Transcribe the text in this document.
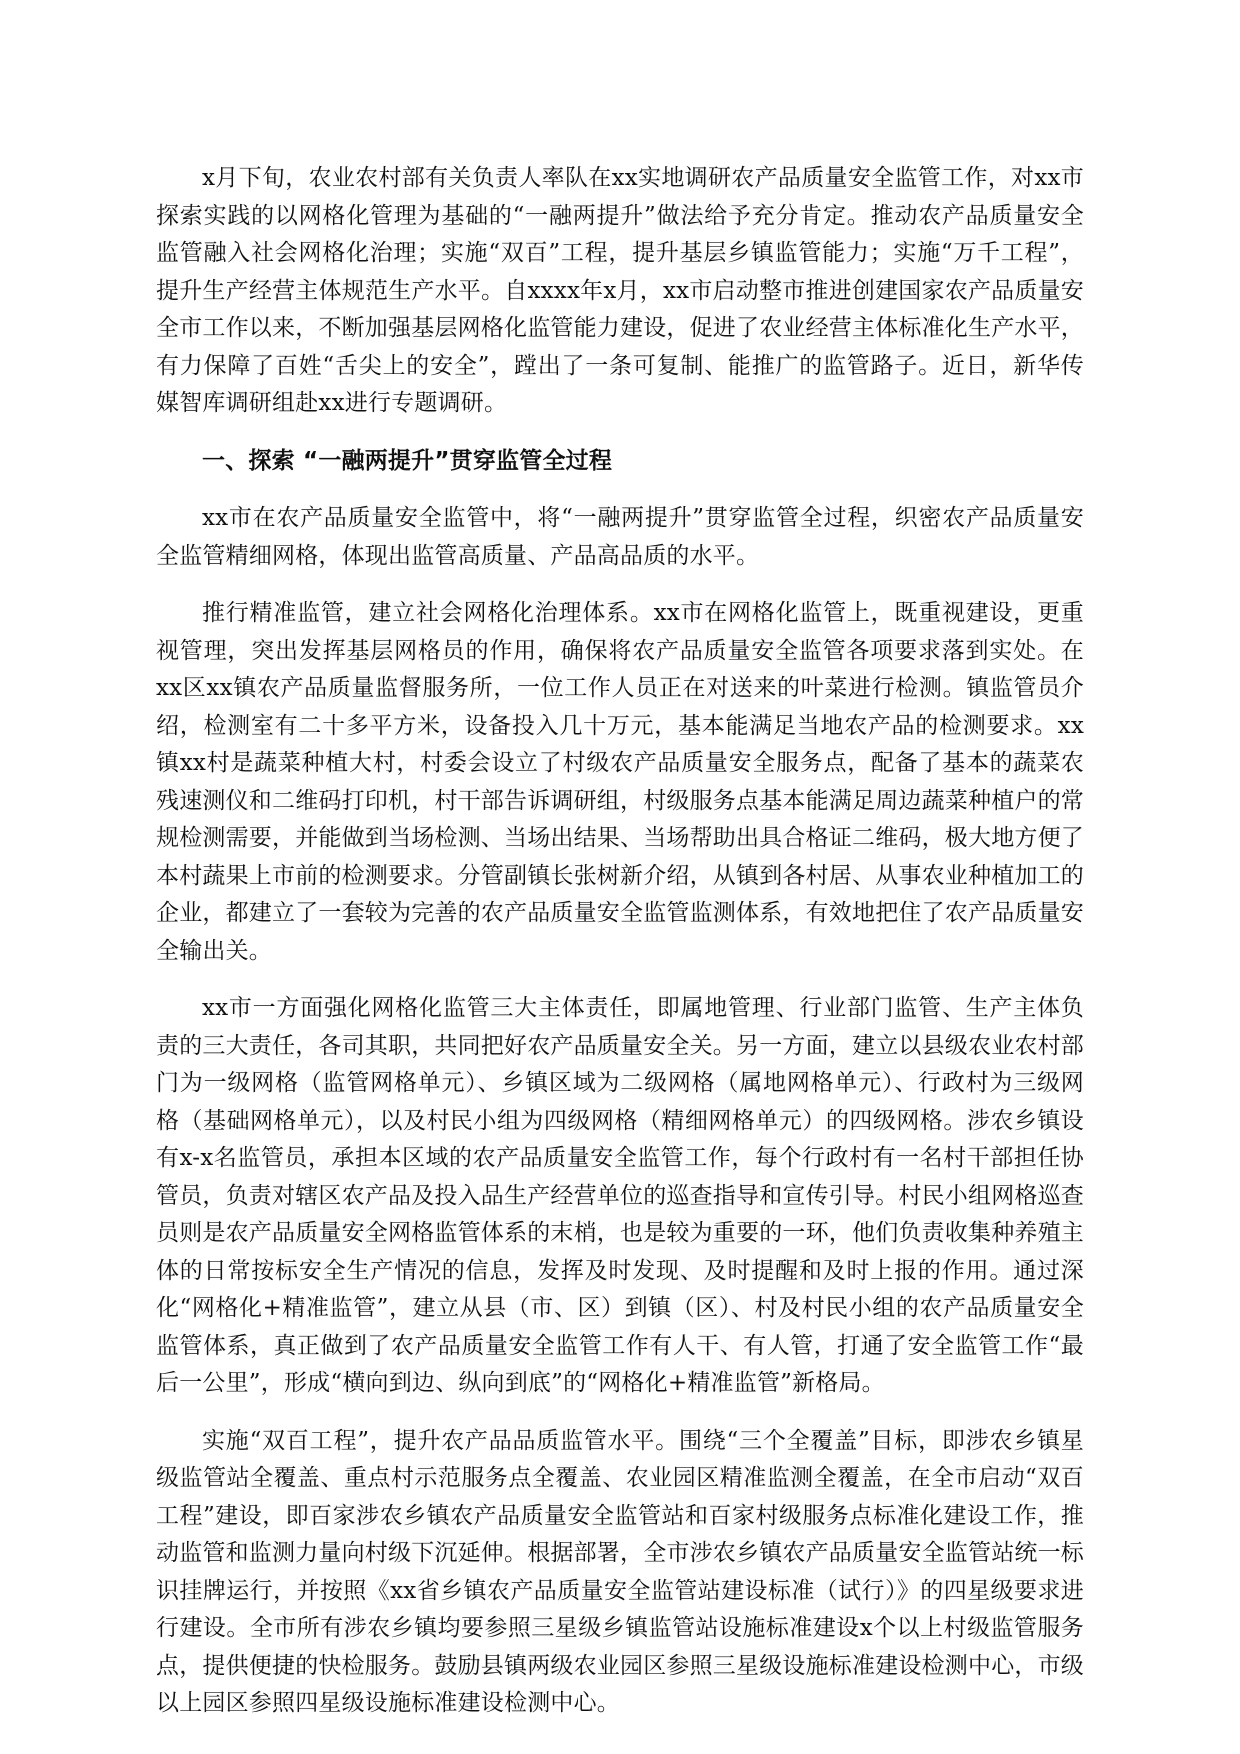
x月下旬，农业农村部有关负责人率队在xx实地调研农产品质量安全监管工作，对xx市探索实践的以网格化管理为基础的“一融两提升”做法给予充分肯定。推动农产品质量安全监管融入社会网格化治理；实施“双百”工程，提升基层乡镇监管能力；实施“万千工程”，提升生产经营主体规范生产水平。自xxxx年x月，xx市启动整市推进创建国家农产品质量安全市工作以来，不断加强基层网格化监管能力建设，促进了农业经营主体标准化生产水平，有力保障了百姓“舌尖上的安全”，蹚出了一条可复制、能推广的监管路子。近日，新华传媒智库调研组赴xx进行专题调研。

一、探索 “一融两提升”贯穿监管全过程

xx市在农产品质量安全监管中，将“一融两提升”贯穿监管全过程，织密农产品质量安全监管精细网格，体现出监管高质量、产品高品质的水平。

推行精准监管，建立社会网格化治理体系。xx市在网格化监管上，既重视建设，更重视管理，突出发挥基层网格员的作用，确保将农产品质量安全监管各项要求落到实处。在xx区xx镇农产品质量监督服务所，一位工作人员正在对送来的叶菜进行检测。镇监管员介绍，检测室有二十多平方米，设备投入几十万元，基本能满足当地农产品的检测要求。xx镇xx村是蔬菜种植大村，村委会设立了村级农产品质量安全服务点，配备了基本的蔬菜农残速测仪和二维码打印机，村干部告诉调研组，村级服务点基本能满足周边蔬菜种植户的常规检测需要，并能做到当场检测、当场出结果、当场帮助出具合格证二维码，极大地方便了本村蔬果上市前的检测要求。分管副镇长张树新介绍，从镇到各村居、从事农业种植加工的企业，都建立了一套较为完善的农产品质量安全监管监测体系，有效地把住了农产品质量安全输出关。

xx市一方面强化网格化监管三大主体责任，即属地管理、行业部门监管、生产主体负责的三大责任，各司其职，共同把好农产品质量安全关。另一方面，建立以县级农业农村部门为一级网格（监管网格单元）、乡镇区域为二级网格（属地网格单元）、行政村为三级网格（基础网格单元），以及村民小组为四级网格（精细网格单元）的四级网格。涉农乡镇设有x-x名监管员，承担本区域的农产品质量安全监管工作，每个行政村有一名村干部担任协管员，负责对辖区农产品及投入品生产经营单位的巡查指导和宣传引导。村民小组网格巡查员则是农产品质量安全网格监管体系的末梢，也是较为重要的一环，他们负责收集种养殖主体的日常按标安全生产情况的信息，发挥及时发现、及时提醒和及时上报的作用。通过深化“网格化+精准监管”，建立从县（市、区）到镇（区）、村及村民小组的农产品质量安全监管体系，真正做到了农产品质量安全监管工作有人干、有人管，打通了安全监管工作“最后一公里”，形成“横向到边、纵向到底”的“网格化+精准监管”新格局。

实施“双百工程”，提升农产品品质监管水平。围绕“三个全覆盖”目标，即涉农乡镇星级监管站全覆盖、重点村示范服务点全覆盖、农业园区精准监测全覆盖，在全市启动“双百工程”建设，即百家涉农乡镇农产品质量安全监管站和百家村级服务点标准化建设工作，推动监管和监测力量向村级下沉延伸。根据部署，全市涉农乡镇农产品质量安全监管站统一标识挂牌运行，并按照《xx省乡镇农产品质量安全监管站建设标准（试行）》的四星级要求进行建设。全市所有涉农乡镇均要参照三星级乡镇监管站设施标准建设x个以上村级监管服务点，提供便捷的快检服务。鼓励县镇两级农业园区参照三星级设施标准建设检测中心，市级以上园区参照四星级设施标准建设检测中心。
